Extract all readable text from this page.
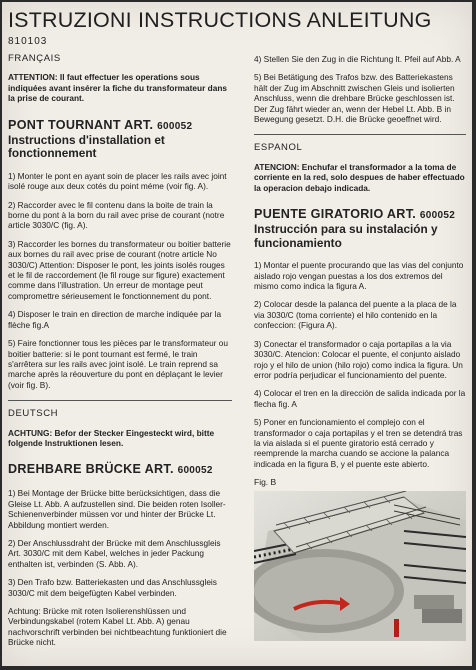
ISTRUZIONI INSTRUCTIONS ANLEITUNG
810103
FRANÇAIS
ATTENTION: Il faut effectuer les operations sous indiquées avant insérer la fiche du transformateur dans la prise de courant.
PONT TOURNANT ART. 600052
Instructions d'installation et fonctionnement

1) Monter le pont en ayant soin de placer les rails avec joint isolé rouge aux deux cotés du point méme (voir fig. A).

2) Raccorder avec le fil contenu dans la boite de train la borne du pont à la born du rail avec prise de courant (notre article 3030/C (fig. A).

3) Raccorder les bornes du transformateur ou boitier batterie aux bornes du rail avec prise de courant (notre article No 3030/C) Attention: Disposer le pont, les joints isolés rouges et le fil de raccordement (le fil rouge sur figure) exactement comme dans l'illustration. Un erreur de montage peut compromettre sérieusement le fonctionnement du pont.

4) Disposer le train en direction de marche indiquée par la flèche fig.A

5) Faire fonctionner tous les pièces par le transformateur ou boitier batterie: si le pont tournant est fermé, le train s'arrêtera sur les rails avec joint isolé. Le train reprend sa marche après la réouverture du pont en déplaçant le levier (voir fig. B).

DEUTSCH
ACHTUNG: Befor der Stecker Eingesteckt wird, bitte folgende Instruktionen lesen.
DREHBARE BRÜCKE ART. 600052

1) Bei Montage der Brücke bitte berücksichtigen, dass die Gleise Lt. Abb. A aufzustellen sind. Die beiden roten Isoller-Schienenverbinder müssen vor und hinter der Brücke Lt. Abbildung montiert werden.

2) Der Anschlussdraht der Brücke mit dem Anschlussgleis Art. 3030/C mit dem Kabel, welches in jeder Packung enthalten ist, verbinden (S. Abb. A).

3) Den Trafo bzw. Batteriekasten und das Anschlussgleis 3030/C mit dem beigefügten Kabel verbinden.

Achtung: Brücke mit roten Isolierenshlüssen und Verbindungskabel (rotem Kabel Lt. Abb. A) genau nachvorschrift verbinden bei nichtbeachtung funktioniert die Brücke nicht.

4) Stellen Sie den Zug in die Richtung lt. Pfeil auf Abb. A

5) Bei Betätigung des Trafos bzw. des Batteriekastens hält der Zug im Abschnitt zwischen Gleis und isolierten Anschluss, wenn die drehbare Brücke geschlossen ist. Der Zug fährt wieder an, wenn der Hebel Lt. Abb. B in Bewegung gesetzt. D.H. die Brücke geoeffnet wird.

ESPANOL
ATENCION: Enchufar el transformador a la toma de corriente en la red, solo despues de haber effectuado la operacion debajo indicada.
PUENTE GIRATORIO ART. 600052
Instrucción para su instalación y funcionamiento

1) Montar el puente procurando que las vias del conjunto aislado rojo vengan puestas a los dos extremos del mismo como indica la figura A.

2) Colocar desde la palanca del puente a la placa de la via 3030/C (toma corriente) el hilo contenido en la confeccion: (Figura A).

3) Conectar el transformador o caja portapilas a la via 3030/C. Atencion: Colocar el puente, el conjunto aislado rojo y el hilo de union (hilo rojo) como indica la figura. Un error podría perjudicar el funcionamiento del puente.

4) Colocar el tren en la dirección de salida indicada por la flecha fig. A

5) Poner en funcionamiento el complejo con el transformador o caja portapilas y el tren se detendrá tras la via aislada si el puente giratorio está cerrado y reemprende la marcha cuando se accione la palanca indicada en la figura B, y el puente este abierto.

Fig. B
